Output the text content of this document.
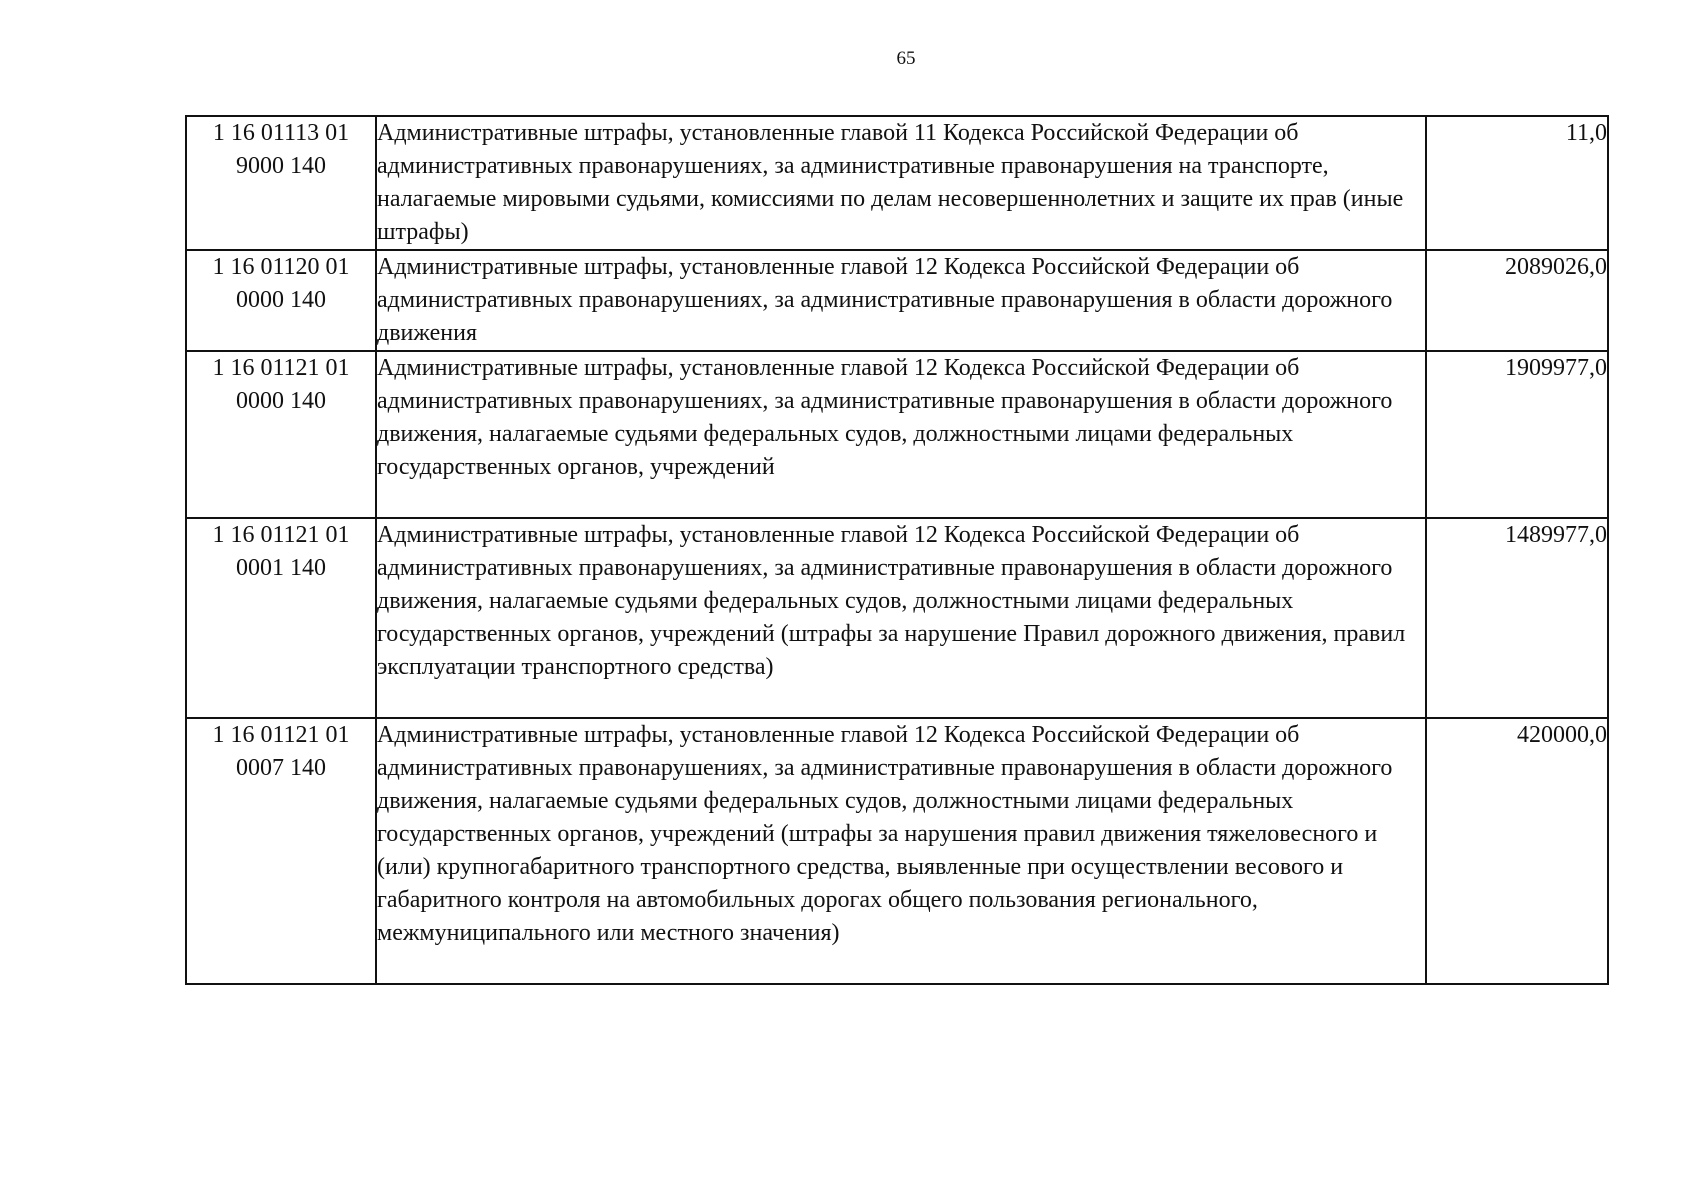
65
1 16 01113 01 9000 140	Административные штрафы, установленные главой 11 Кодекса Российской Федерации об административных правонарушениях, за административные правонарушения на транспорте, налагаемые мировыми судьями, комиссиями по делам несовершеннолетних и защите их прав (иные штрафы)	11,0
1 16 01120 01 0000 140	Административные штрафы, установленные главой 12 Кодекса Российской Федерации об административных правонарушениях, за административные правонарушения в области дорожного движения	2089026,0
1 16 01121 01 0000 140	Административные штрафы, установленные главой 12 Кодекса Российской Федерации об административных правонарушениях, за административные правонарушения в области дорожного движения, налагаемые судьями федеральных судов, должностными лицами федеральных государственных органов, учреждений	1909977,0
1 16 01121 01 0001 140	Административные штрафы, установленные главой 12 Кодекса Российской Федерации об административных правонарушениях, за административные правонарушения в области дорожного движения, налагаемые судьями федеральных судов, должностными лицами федеральных государственных органов, учреждений (штрафы за нарушение Правил дорожного движения, правил эксплуатации транспортного средства)	1489977,0
1 16 01121 01 0007 140	Административные штрафы, установленные главой 12 Кодекса Российской Федерации об административных правонарушениях, за административные правонарушения в области дорожного движения, налагаемые судьями федеральных судов, должностными лицами федеральных государственных органов, учреждений (штрафы за нарушения правил движения тяжеловесного и (или) крупногабаритного транспортного средства, выявленные при осуществлении весового и габаритного контроля на автомобильных дорогах общего пользования регионального, межмуниципального или местного значения)	420000,0
